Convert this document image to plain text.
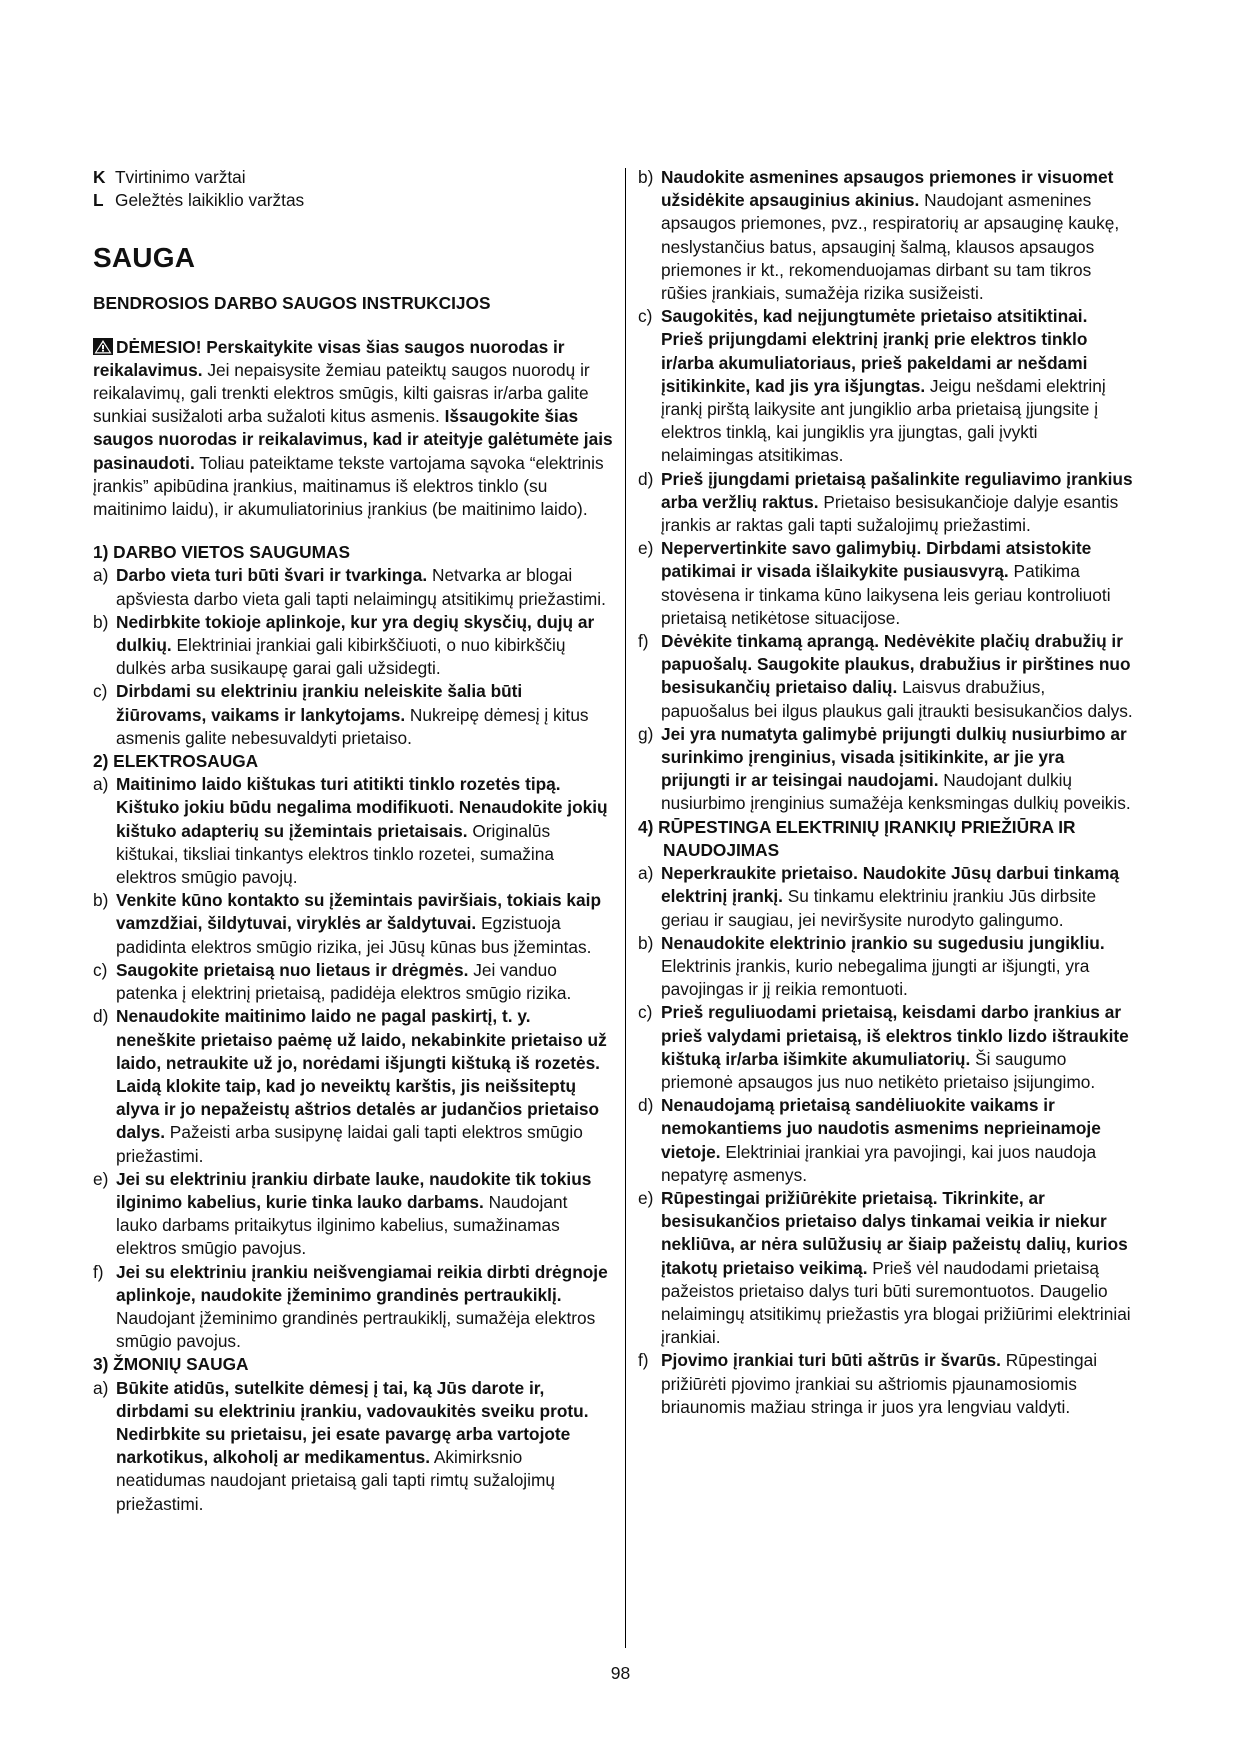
K Tvirtinimo varžtai

L Geležtės laikiklio varžtas

SAUGA
BENDROSIOS DARBO SAUGOS INSTRUKCIJOS

DĖMESIO! Perskaitykite visas šias saugos nuorodas ir reikalavimus. Jei nepaisysite žemiau pateiktų saugos nuorodų ir reikalavimų, gali trenkti elektros smūgis, kilti gaisras ir/arba galite sunkiai susižaloti arba sužaloti kitus asmenis. Išsaugokite šias saugos nuorodas ir reikalavimus, kad ir ateityje galėtumėte jais pasinaudoti. Toliau pateiktame tekste vartojama sąvoka “elektrinis įrankis” apibūdina įrankius, maitinamus iš elektros tinklo (su maitinimo laidu), ir akumuliatorinius įrankius (be maitinimo laido).

1) DARBO VIETOS SAUGUMAS

a) Darbo vieta turi būti švari ir tvarkinga. Netvarka ar blogai apšviesta darbo vieta gali tapti nelaimingų atsitikimų priežastimi.

b) Nedirbkite tokioje aplinkoje, kur yra degių skysčių, dujų ar dulkių. Elektriniai įrankiai gali kibirkščiuoti, o nuo kibirkščių dulkės arba susikaupę garai gali užsidegti.

c) Dirbdami su elektriniu įrankiu neleiskite šalia būti žiūrovams, vaikams ir lankytojams. Nukreipę dėmesį į kitus asmenis galite nebesuvaldyti prietaiso.

2) ELEKTROSAUGA

a) Maitinimo laido kištukas turi atitikti tinklo rozetės tipą. Kištuko jokiu būdu negalima modifikuoti. Nenaudokite jokių kištuko adapterių su įžemintais prietaisais. Originalūs kištukai, tiksliai tinkantys elektros tinklo rozetei, sumažina elektros smūgio pavojų.

b) Venkite kūno kontakto su įžemintais paviršiais, tokiais kaip vamzdžiai, šildytuvai, viryklės ar šaldytuvai. Egzistuoja padidinta elektros smūgio rizika, jei Jūsų kūnas bus įžemintas.

c) Saugokite prietaisą nuo lietaus ir drėgmės. Jei vanduo patenka į elektrinį prietaisą, padidėja elektros smūgio rizika.

d) Nenaudokite maitinimo laido ne pagal paskirtį, t. y. neneškite prietaiso paėmę už laido, nekabinkite prietaiso už laido, netraukite už jo, norėdami išjungti kištuką iš rozetės. Laidą klokite taip, kad jo neveiktų karštis, jis neišsiteptų alyva ir jo nepažeistų aštrios detalės ar judančios prietaiso dalys. Pažeisti arba susipynę laidai gali tapti elektros smūgio priežastimi.

e) Jei su elektriniu įrankiu dirbate lauke, naudokite tik tokius ilginimo kabelius, kurie tinka lauko darbams. Naudojant lauko darbams pritaikytus ilginimo kabelius, sumažinamas elektros smūgio pavojus.

f) Jei su elektriniu įrankiu neišvengiamai reikia dirbti drėgnoje aplinkoje, naudokite įžeminimo grandinės pertraukiklį. Naudojant įžeminimo grandinės pertraukiklį, sumažėja elektros smūgio pavojus.

3) ŽMONIŲ SAUGA

a) Būkite atidūs, sutelkite dėmesį į tai, ką Jūs darote ir, dirbdami su elektriniu įrankiu, vadovaukitės sveiku protu. Nedirbkite su prietaisu, jei esate pavargę arba vartojote narkotikus, alkoholį ar medikamentus. Akimirksnio neatidumas naudojant prietaisą gali tapti rimtų sužalojimų priežastimi.

b) Naudokite asmenines apsaugos priemones ir visuomet užsidėkite apsauginius akinius. Naudojant asmenines apsaugos priemones, pvz., respiratorių ar apsauginę kaukę, neslystančius batus, apsauginį šalmą, klausos apsaugos priemones ir kt., rekomenduojamas dirbant su tam tikros rūšies įrankiais, sumažėja rizika susižeisti.

c) Saugokitės, kad neįjungtumėte prietaiso atsitiktinai. Prieš prijungdami elektrinį įrankį prie elektros tinklo ir/arba akumuliatoriaus, prieš pakeldami ar nešdami įsitikinkite, kad jis yra išjungtas. Jeigu nešdami elektrinį įrankį pirštą laikysite ant jungiklio arba prietaisą įjungsite į elektros tinklą, kai jungiklis yra įjungtas, gali įvykti nelaimingas atsitikimas.

d) Prieš įjungdami prietaisą pašalinkite reguliavimo įrankius arba veržlių raktus. Prietaiso besisukančioje dalyje esantis įrankis ar raktas gali tapti sužalojimų priežastimi.

e) Nepervertinkite savo galimybių. Dirbdami atsistokite patikimai ir visada išlaikykite pusiausvyrą. Patikima stovėsena ir tinkama kūno laikysena leis geriau kontroliuoti prietaisą netikėtose situacijose.

f) Dėvėkite tinkamą aprangą. Nedėvėkite plačių drabužių ir papuošalų. Saugokite plaukus, drabužius ir pirštines nuo besisukančių prietaiso dalių. Laisvus drabužius, papuošalus bei ilgus plaukus gali įtraukti besisukančios dalys.

g) Jei yra numatyta galimybė prijungti dulkių nusiurbimo ar surinkimo įrenginius, visada įsitikinkite, ar jie yra prijungti ir ar teisingai naudojami. Naudojant dulkių nusiurbimo įrenginius sumažėja kenksmingas dulkių poveikis.

4) RŪPESTINGA ELEKTRINIŲ ĮRANKIŲ PRIEŽIŪRA IR NAUDOJIMAS

a) Neperkraukite prietaiso. Naudokite Jūsų darbui tinkamą elektrinį įrankį. Su tinkamu elektriniu įrankiu Jūs dirbsite geriau ir saugiau, jei neviršysite nurodyto galingumo.

b) Nenaudokite elektrinio įrankio su sugedusiu jungikliu. Elektrinis įrankis, kurio nebegalima įjungti ar išjungti, yra pavojingas ir jį reikia remontuoti.

c) Prieš reguliuodami prietaisą, keisdami darbo įrankius ar prieš valydami prietaisą, iš elektros tinklo lizdo ištraukite kištuką ir/arba išimkite akumuliatorių. Ši saugumo priemonė apsaugos jus nuo netikėto prietaiso įsijungimo.

d) Nenaudojamą prietaisą sandėliuokite vaikams ir nemokantiems juo naudotis asmenims neprieinamoje vietoje. Elektriniai įrankiai yra pavojingi, kai juos naudoja nepatyrę asmenys.

e) Rūpestingai prižiūrėkite prietaisą. Tikrinkite, ar besisukančios prietaiso dalys tinkamai veikia ir niekur nekliūva, ar nėra sulūžusių ar šiaip pažeistų dalių, kurios įtakotų prietaiso veikimą. Prieš vėl naudodami prietaisą pažeistos prietaiso dalys turi būti suremontuotos. Daugelio nelaimingų atsitikimų priežastis yra blogai prižiūrimi elektriniai įrankiai.

f) Pjovimo įrankiai turi būti aštrūs ir švarūs. Rūpestingai prižiūrėti pjovimo įrankiai su aštriomis pjaunamosiomis briaunomis mažiau stringa ir juos yra lengviau valdyti.

98
